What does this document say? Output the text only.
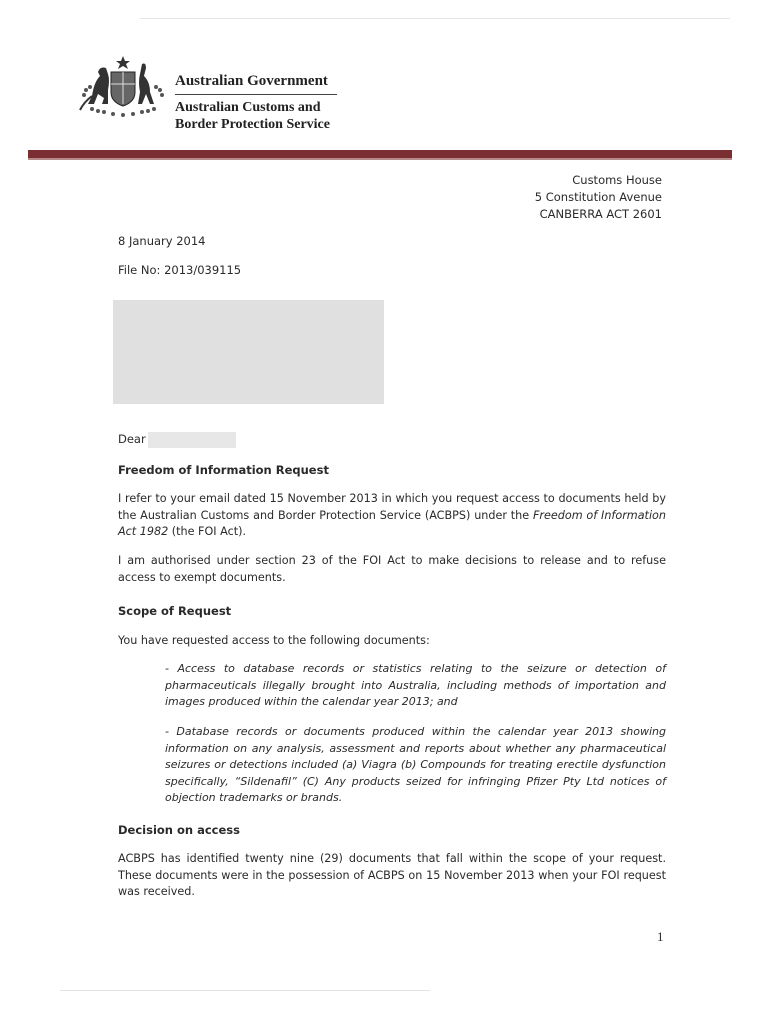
Australian Government
Australian Customs and
Border Protection Service
Customs House
5 Constitution Avenue
CANBERRA ACT 2601
8 January 2014
File No: 2013/039115
Dear
Freedom of Information Request
I refer to your email dated 15 November 2013 in which you request access to documents held by the Australian Customs and Border Protection Service (ACBPS) under the Freedom of Information Act 1982 (the FOI Act).
I am authorised under section 23 of the FOI Act to make decisions to release and to refuse access to exempt documents.
Scope of Request
You have requested access to the following documents:
- Access to database records or statistics relating to the seizure or detection of pharmaceuticals illegally brought into Australia, including methods of importation and images produced within the calendar year 2013; and
- Database records or documents produced within the calendar year 2013 showing information on any analysis, assessment and reports about whether any pharmaceutical seizures or detections included (a) Viagra (b) Compounds for treating erectile dysfunction specifically, “Sildenafil” (C) Any products seized for infringing Pfizer Pty Ltd notices of objection trademarks or brands.
Decision on access
ACBPS has identified twenty nine (29) documents that fall within the scope of your request. These documents were in the possession of ACBPS on 15 November 2013 when your FOI request was received.
1
